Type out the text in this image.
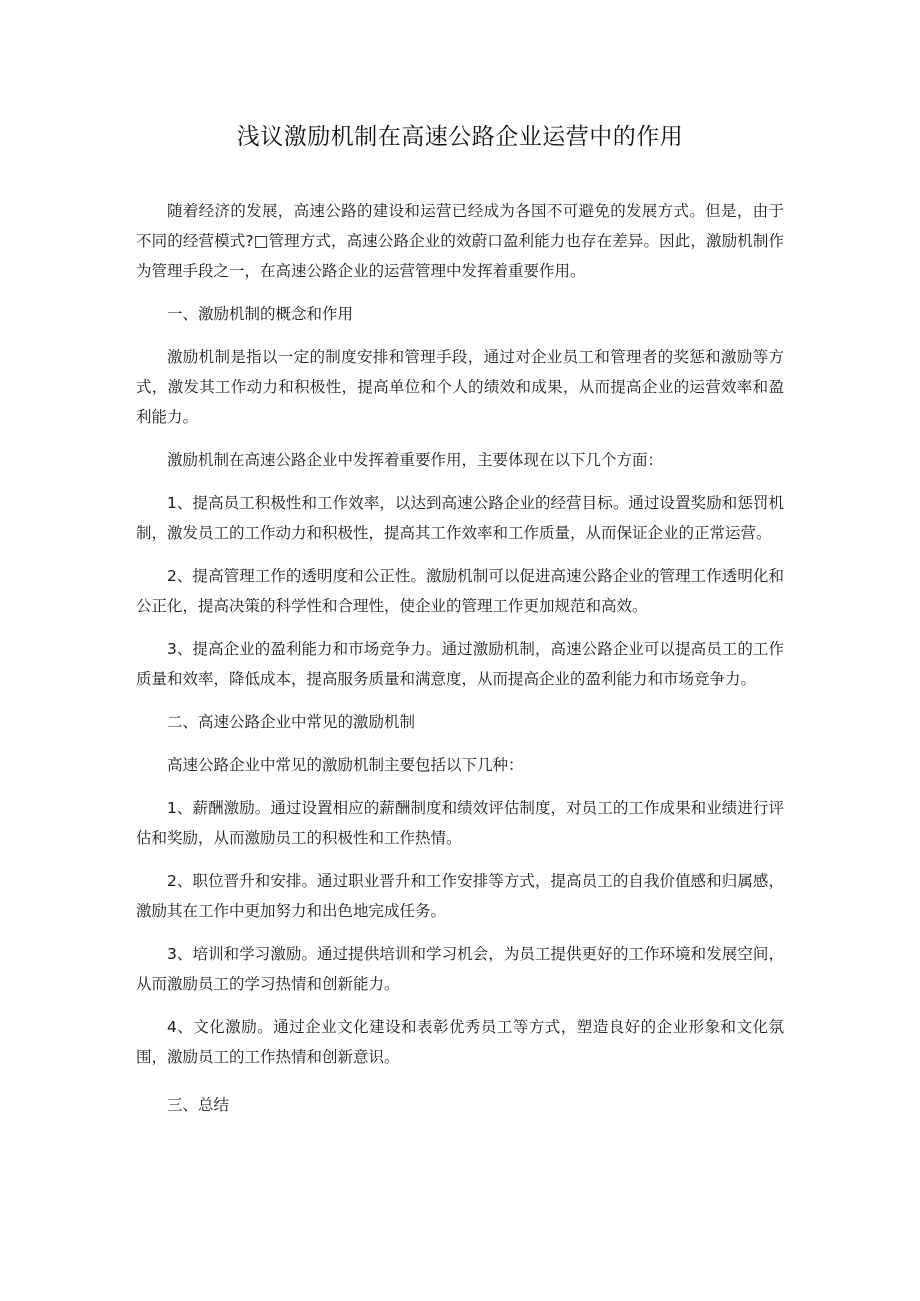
浅议激励机制在高速公路企业运营中的作用

随着经济的发展，高速公路的建设和运营已经成为各国不可避免的发展方式。但是，由于不同的经营模式?□管理方式，高速公路企业的效蔚口盈利能力也存在差异。因此，激励机制作为管理手段之一，在高速公路企业的运营管理中发挥着重要作用。

一、激励机制的概念和作用

激励机制是指以一定的制度安排和管理手段，通过对企业员工和管理者的奖惩和激励等方式，激发其工作动力和积极性，提高单位和个人的绩效和成果，从而提高企业的运营效率和盈利能力。

激励机制在高速公路企业中发挥着重要作用，主要体现在以下几个方面：

1、提高员工积极性和工作效率，以达到高速公路企业的经营目标。通过设置奖励和惩罚机制，激发员工的工作动力和积极性，提高其工作效率和工作质量，从而保证企业的正常运营。

2、提高管理工作的透明度和公正性。激励机制可以促进高速公路企业的管理工作透明化和公正化，提高决策的科学性和合理性，使企业的管理工作更加规范和高效。

3、提高企业的盈利能力和市场竞争力。通过激励机制，高速公路企业可以提高员工的工作质量和效率，降低成本，提高服务质量和满意度，从而提高企业的盈利能力和市场竞争力。

二、高速公路企业中常见的激励机制

高速公路企业中常见的激励机制主要包括以下几种：

1、薪酬激励。通过设置相应的薪酬制度和绩效评估制度，对员工的工作成果和业绩进行评估和奖励，从而激励员工的积极性和工作热情。

2、职位晋升和安排。通过职业晋升和工作安排等方式，提高员工的自我价值感和归属感，激励其在工作中更加努力和出色地完成任务。

3、培训和学习激励。通过提供培训和学习机会，为员工提供更好的工作环境和发展空间，从而激励员工的学习热情和创新能力。

4、文化激励。通过企业文化建设和表彰优秀员工等方式，塑造良好的企业形象和文化氛围，激励员工的工作热情和创新意识。

三、总结
